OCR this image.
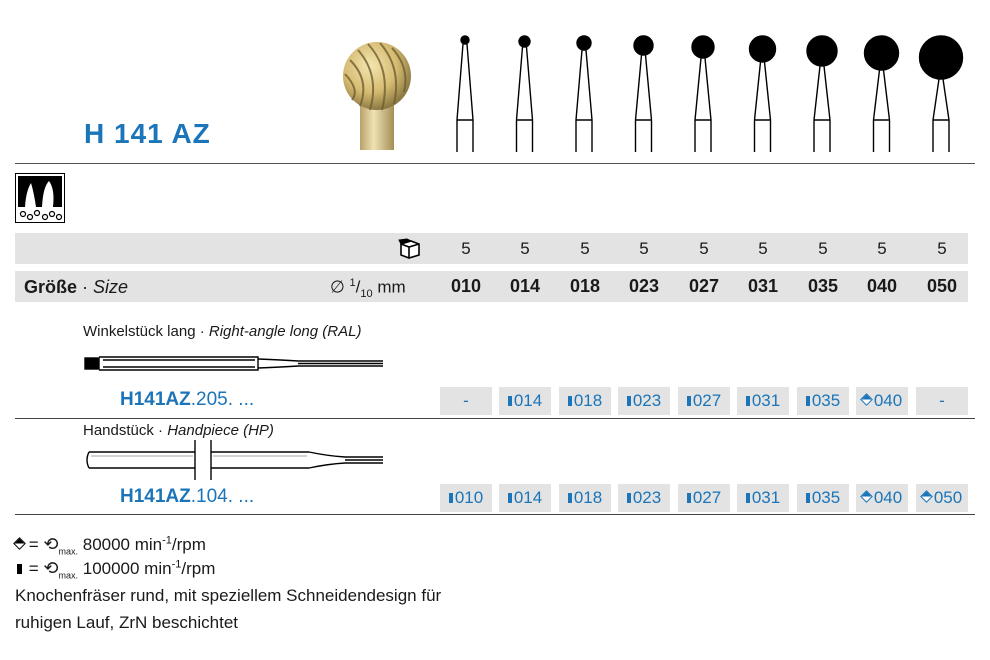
H 141 AZ
5	5	5	5	5	5	5	5	5
Größe · Size	∅ $^1/_{10}$ mm	010	014	018	023	027	031	035	040	050
Winkelstück lang · Right-angle long (RAL)
H141AZ.205. ...	-	014	018	023	027	031	035	040	-
Handstück · Handpiece (HP)
H141AZ.104. ...	010	014	018	023	027	031	035	040	050
= $⟲_{max.}$ 80000 $\min^{-1}$/rpm
= $⟲_{max.}$ 100000 $\min^{-1}$/rpm
Knochenfräser rund, mit speziellem Schneidendesign für
ruhigen Lauf, ZrN beschichtet
